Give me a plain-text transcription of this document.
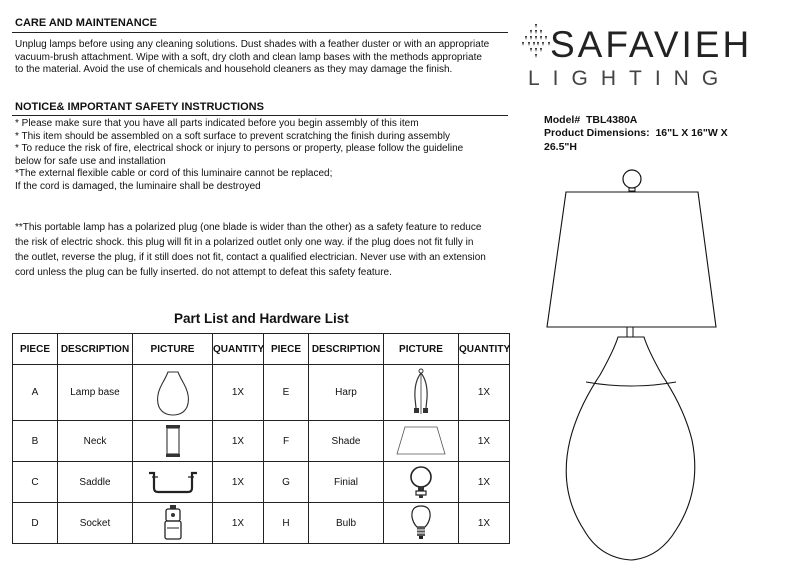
CARE AND MAINTENANCE
Unplug lamps before using any cleaning solutions. Dust shades with a feather duster or with an appropriate
vacuum-brush attachment. Wipe with a soft, dry cloth and clean lamp bases with the methods appropriate
to the material. Avoid the use of chemicals and household cleaners as they may damage the finish.
NOTICE& IMPORTANT SAFETY INSTRUCTIONS
* Please make sure that you have all parts indicated before you begin assembly of this item
* This item should be assembled on a soft surface to prevent scratching the finish during assembly
* To reduce the risk of fire, electrical shock or injury to persons or property, please follow the guideline
below for safe use and installation
*The external flexible cable or cord of this luminaire cannot be replaced;
If the cord is damaged, the luminaire shall be destroyed
**This portable lamp has a polarized plug (one blade is wider than the other) as a safety feature to reduce
the risk of electric shock. this plug will fit in a polarized outlet only one way. if the plug does not fit fully in
the outlet, reverse the plug, if it still does not fit, contact a qualified electrician. Never use with an extension
cord unless the plug can be fully inserted. do not attempt to defeat this safety feature.
Part List and Hardware List
PIECE	DESCRIPTION	PICTURE	QUANTITY	PIECE	DESCRIPTION	PICTURE	QUANTITY
A	Lamp base		1X	E	Harp		1X
B	Neck		1X	F	Shade		1X
C	Saddle		1X	G	Finial		1X
D	Socket		1X	H	Bulb		1X
SAFAVIEH
LIGHTING
Model# TBL4380A
Product Dimensions: 16"L X 16"W X
26.5"H
